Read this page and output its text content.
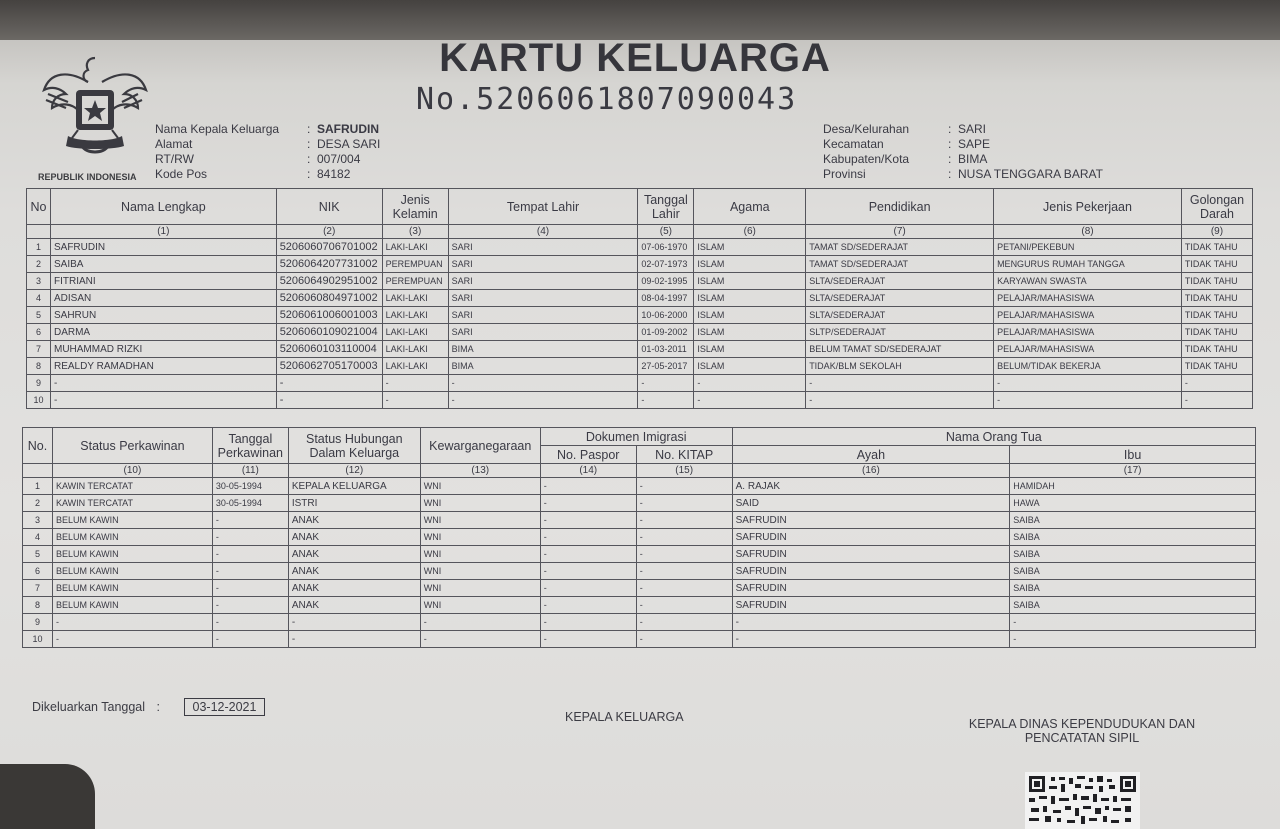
REPUBLIK INDONESIA
KARTU KELUARGA
No.5206061807090043
Nama Kepala Keluarga	: SAFRUDIN
Alamat	: DESA SARI
RT/RW	: 007/004
Kode Pos	: 84182
Desa/Kelurahan	: SARI
Kecamatan	: SAPE
Kabupaten/Kota	: BIMA
Provinsi	: NUSA TENGGARA BARAT
No	Nama Lengkap	NIK	Jenis Kelamin	Tempat Lahir	Tanggal Lahir	Agama	Pendidikan	Jenis Pekerjaan	Golongan Darah
	(1)	(2)	(3)	(4)	(5)	(6)	(7)	(8)	(9)
1	SAFRUDIN	5206060706701002	LAKI-LAKI	SARI	07-06-1970	ISLAM	TAMAT SD/SEDERAJAT	PETANI/PEKEBUN	TIDAK TAHU
2	SAIBA	5206064207731002	PEREMPUAN	SARI	02-07-1973	ISLAM	TAMAT SD/SEDERAJAT	MENGURUS RUMAH TANGGA	TIDAK TAHU
3	FITRIANI	5206064902951002	PEREMPUAN	SARI	09-02-1995	ISLAM	SLTA/SEDERAJAT	KARYAWAN SWASTA	TIDAK TAHU
4	ADISAN	5206060804971002	LAKI-LAKI	SARI	08-04-1997	ISLAM	SLTA/SEDERAJAT	PELAJAR/MAHASISWA	TIDAK TAHU
5	SAHRUN	5206061006001003	LAKI-LAKI	SARI	10-06-2000	ISLAM	SLTA/SEDERAJAT	PELAJAR/MAHASISWA	TIDAK TAHU
6	DARMA	5206060109021004	LAKI-LAKI	SARI	01-09-2002	ISLAM	SLTP/SEDERAJAT	PELAJAR/MAHASISWA	TIDAK TAHU
7	MUHAMMAD RIZKI	5206060103110004	LAKI-LAKI	BIMA	01-03-2011	ISLAM	BELUM TAMAT SD/SEDERAJAT	PELAJAR/MAHASISWA	TIDAK TAHU
8	REALDY RAMADHAN	5206062705170003	LAKI-LAKI	BIMA	27-05-2017	ISLAM	TIDAK/BLM SEKOLAH	BELUM/TIDAK BEKERJA	TIDAK TAHU
9	-	-	-	-	-	-	-	-	-
10	-	-	-	-	-	-	-	-	-
No.	Status Perkawinan	Tanggal Perkawinan	Status Hubungan Dalam Keluarga	Kewarganegaraan	Dokumen Imigrasi		Nama Orang Tua	
					No. Paspor	No. KITAP	Ayah	Ibu
	(10)	(11)	(12)	(13)	(14)	(15)	(16)	(17)
1	KAWIN TERCATAT	30-05-1994	KEPALA KELUARGA	WNI	-	-	A. RAJAK	HAMIDAH
2	KAWIN TERCATAT	30-05-1994	ISTRI	WNI	-	-	SAID	HAWA
3	BELUM KAWIN	-	ANAK	WNI	-	-	SAFRUDIN	SAIBA
4	BELUM KAWIN	-	ANAK	WNI	-	-	SAFRUDIN	SAIBA
5	BELUM KAWIN	-	ANAK	WNI	-	-	SAFRUDIN	SAIBA
6	BELUM KAWIN	-	ANAK	WNI	-	-	SAFRUDIN	SAIBA
7	BELUM KAWIN	-	ANAK	WNI	-	-	SAFRUDIN	SAIBA
8	BELUM KAWIN	-	ANAK	WNI	-	-	SAFRUDIN	SAIBA
9	-	-	-	-	-	-	-	-
10	-	-	-	-	-	-	-	-
Dikeluarkan Tanggal :	03-12-2021
KEPALA KELUARGA	KEPALA DINAS KEPENDUDUKAN DAN
PENCATATAN SIPIL
